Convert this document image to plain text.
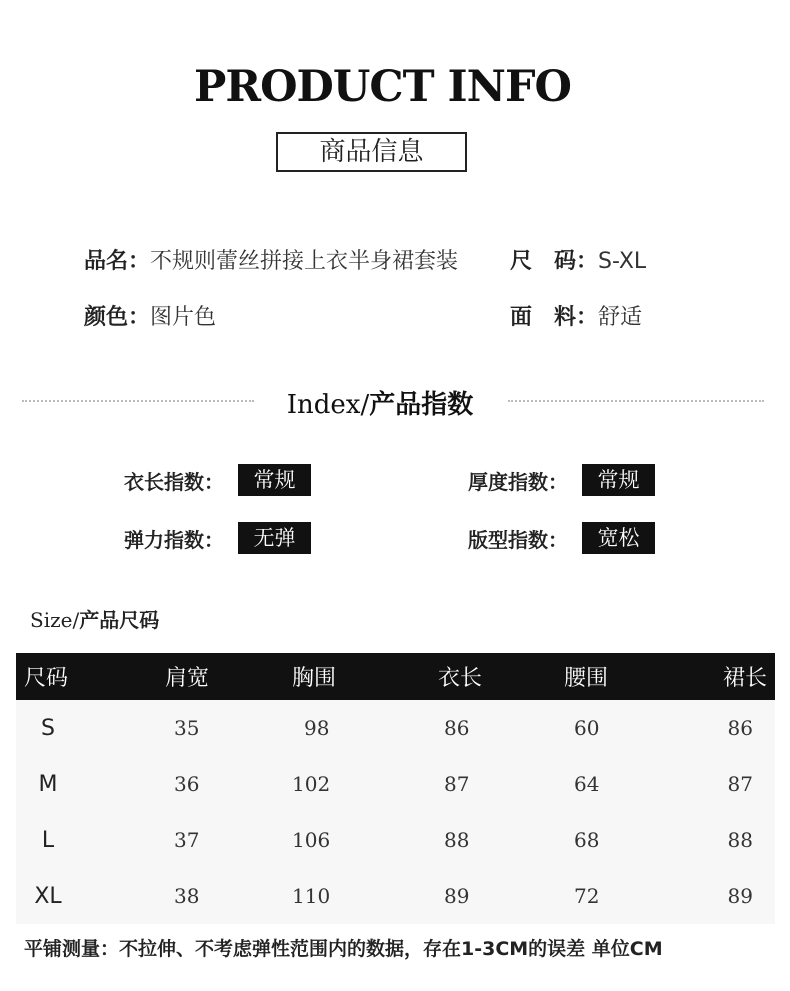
PRODUCT INFO
商品信息
品名：不规则蕾丝拼接上衣半身裙套装 尺　码：S-XL
颜色：图片色	面　料：舒适
Index/产品指数
衣长指数：	常规	厚度指数：	常规
弹力指数：	无弹	版型指数：	宽松
Size/产品尺码
尺码	肩宽	胸围	衣长	腰围	裙长
S	35	98	86	60	86
M	36	102	87	64	87
L	37	106	88	68	88
XL	38	110	89	72	89
平铺测量：不拉伸、不考虑弹性范围内的数据，存在1-3CM的误差 单位CM
